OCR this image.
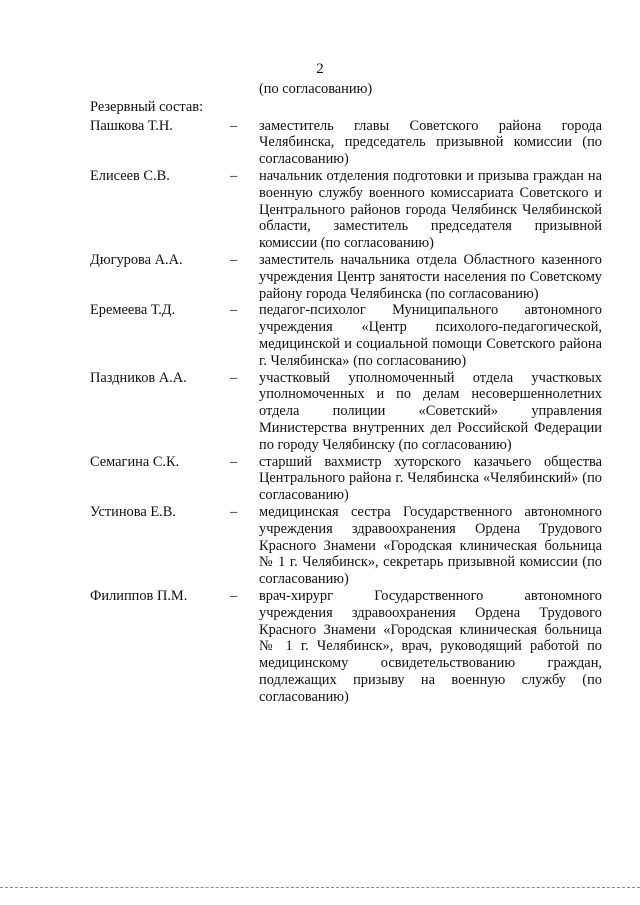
2
(по согласованию)
Резервный состав:
Пашкова Т.Н.	–	заместитель главы Советского района города Челябинска, председатель призывной комиссии (по согласованию)
Елисеев С.В.	–	начальник отделения подготовки и призыва граждан на военную службу военного комиссариата Советского и Центрального районов города Челябинск Челябинской области, заместитель председателя призывной комиссии (по согласованию)
Дюгурова А.А.	–	заместитель начальника отдела Областного казенного учреждения Центр занятости населения по Советскому району города Челябинска (по согласованию)
Еремеева Т.Д.	–	педагог-психолог Муниципального автономного учреждения «Центр психолого-педагогической, медицинской и социальной помощи Советского района г. Челябинска» (по согласованию)
Паздников А.А.	–	участковый уполномоченный отдела участковых уполномоченных и по делам несовершеннолетних отдела полиции «Советский» управления Министерства внутренних дел Российской Федерации по городу Челябинску (по согласованию)
Семагина С.К.	–	старший вахмистр хуторского казачьего общества Центрального района г. Челябинска «Челябинский» (по согласованию)
Устинова Е.В.	–	медицинская сестра Государственного автономного учреждения здравоохранения Ордена Трудового Красного Знамени «Городская клиническая больница № 1 г. Челябинск», секретарь призывной комиссии (по согласованию)
Филиппов П.М.	–	врач-хирург Государственного автономного учреждения здравоохранения Ордена Трудового Красного Знамени «Городская клиническая больница № 1 г. Челябинск», врач, руководящий работой по медицинскому освидетельствованию граждан, подлежащих призыву на военную службу (по согласованию)
